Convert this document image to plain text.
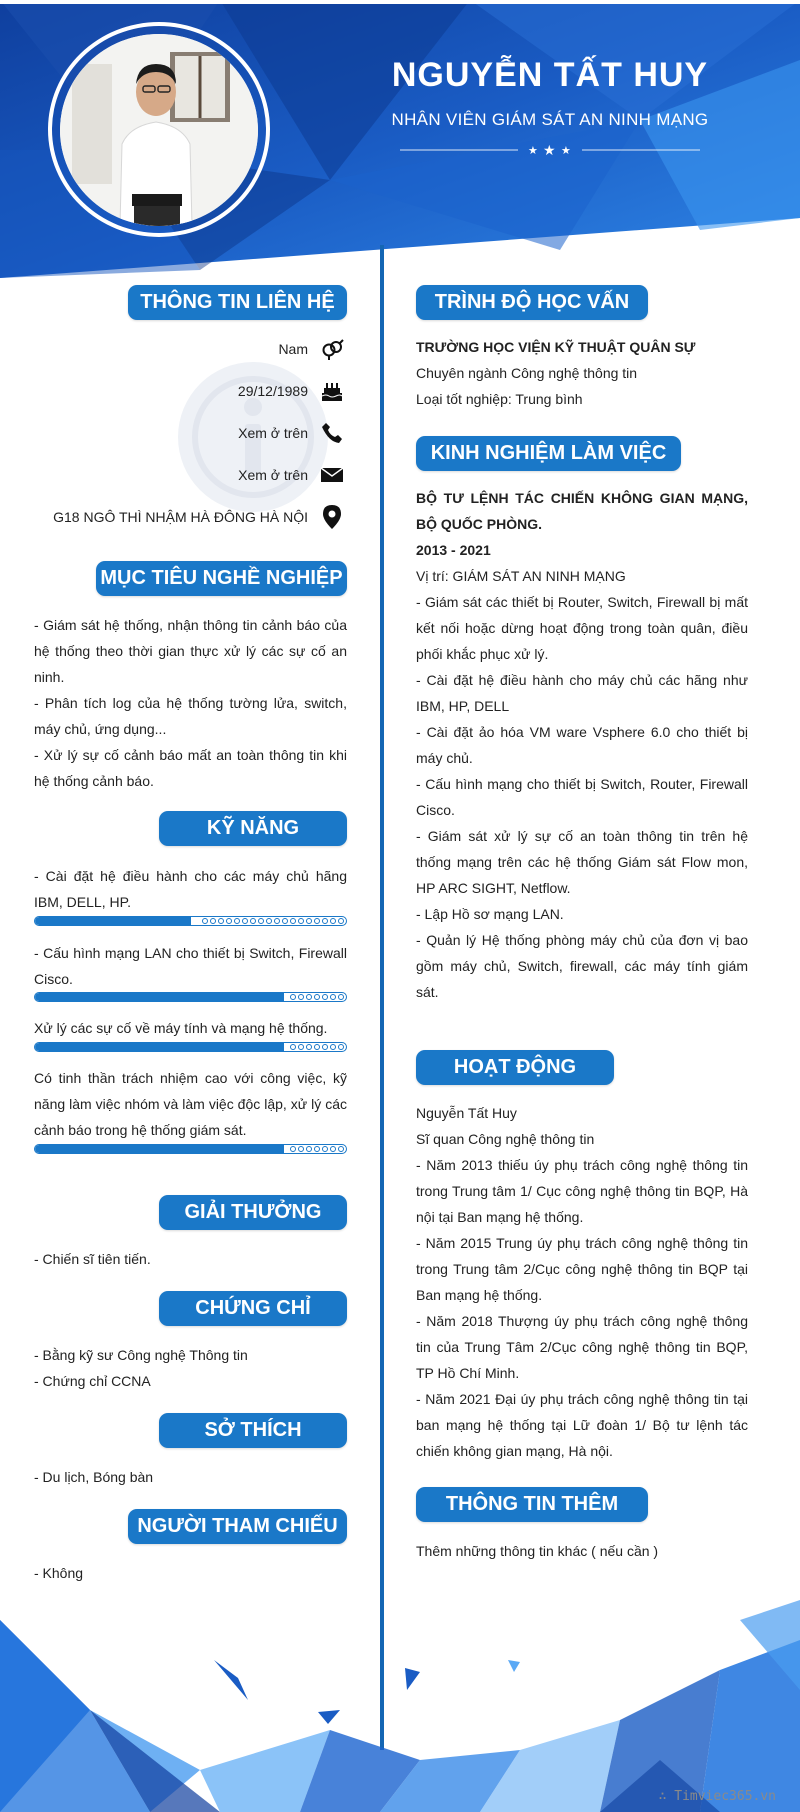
NGUYỄN TẤT HUY
NHÂN VIÊN GIÁM SÁT AN NINH MẠNG
★ ★ ★
THÔNG TIN LIÊN HỆ
Nam
29/12/1989
Xem ở trên
Xem ở trên
G18 NGÔ THÌ NHẬM HÀ ĐÔNG HÀ NỘI
MỤC TIÊU NGHỀ NGHIỆP

- Giám sát hệ thống, nhận thông tin cảnh báo của hệ thống theo thời gian thực xử lý các sự cố an ninh.

- Phân tích log của hệ thống tường lửa, switch, máy chủ, ứng dụng...

- Xử lý sự cố cảnh báo mất an toàn thông tin khi hệ thống cảnh báo.

KỸ NĂNG
- Cài đặt hệ điều hành cho các máy chủ hãng IBM, DELL, HP.
- Cấu hình mạng LAN cho thiết bị Switch, Firewall Cisco.
Xử lý các sự cố về máy tính và mạng hệ thống.
Có tinh thần trách nhiệm cao với công việc, kỹ năng làm việc nhóm và làm việc độc lập, xử lý các cảnh báo trong hệ thống giám sát.
GIẢI THƯỞNG

- Chiến sĩ tiên tiến.

CHỨNG CHỈ

- Bằng kỹ sư Công nghệ Thông tin

- Chứng chỉ CCNA

SỞ THÍCH

- Du lịch, Bóng bàn

NGƯỜI THAM CHIẾU

- Không

TRÌNH ĐỘ HỌC VẤN

TRƯỜNG HỌC VIỆN KỸ THUẬT QUÂN SỰ

Chuyên ngành Công nghệ thông tin

Loại tốt nghiệp: Trung bình

KINH NGHIỆM LÀM VIỆC

BỘ TƯ LỆNH TÁC CHIẾN KHÔNG GIAN MẠNG, BỘ QUỐC PHÒNG.

2013 - 2021

Vị trí: GIÁM SÁT AN NINH MẠNG

- Giám sát các thiết bị Router, Switch, Firewall bị mất kết nối hoặc dừng hoạt động trong toàn quân, điều phối khắc phục xử lý.

- Cài đặt hệ điều hành cho máy chủ các hãng như IBM, HP, DELL

- Cài đặt ảo hóa VM ware Vsphere 6.0 cho thiết bị máy chủ.

- Cấu hình mạng cho thiết bị Switch, Router, Firewall Cisco.

- Giám sát xử lý sự cố an toàn thông tin trên hệ thống mạng trên các hệ thống Giám sát Flow mon, HP ARC SIGHT, Netflow.

- Lập Hồ sơ mạng LAN.

- Quản lý Hệ thống phòng máy chủ của đơn vị bao gồm máy chủ, Switch, firewall, các máy tính giám sát.

HOẠT ĐỘNG

Nguyễn Tất Huy

Sĩ quan Công nghệ thông tin

- Năm 2013 thiếu úy phụ trách công nghệ thông tin trong Trung tâm 1/ Cục công nghệ thông tin BQP, Hà nội tại Ban mạng hệ thống.

- Năm 2015 Trung úy phụ trách công nghệ thông tin trong Trung tâm 2/Cục công nghệ thông tin BQP tại Ban mạng hệ thống.

- Năm 2018 Thượng úy phụ trách công nghệ thông tin của Trung Tâm 2/Cục công nghệ thông tin BQP, TP Hồ Chí Minh.

- Năm 2021 Đại úy phụ trách công nghệ thông tin tại ban mạng hệ thống tại Lữ đoàn 1/ Bộ tư lệnh tác chiến không gian mạng, Hà nội.

THÔNG TIN THÊM
Thêm những thông tin khác ( nếu cần )
∴ Timviec365.vn
